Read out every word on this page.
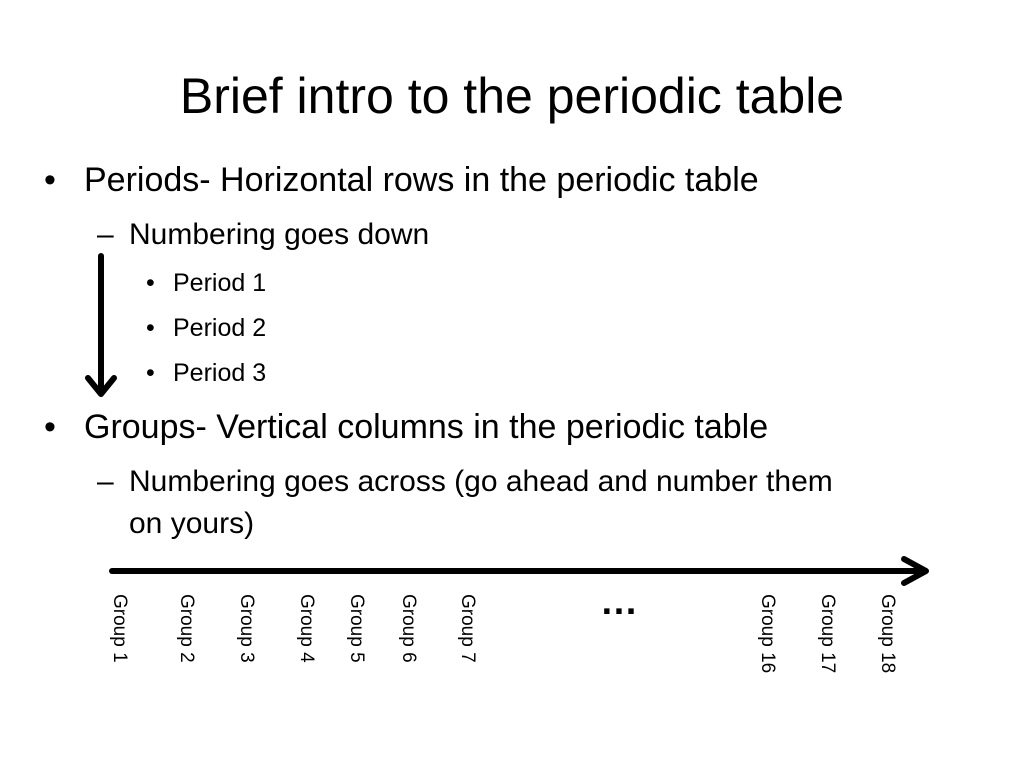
Brief intro to the periodic table
• Periods- Horizontal rows in the periodic table
– Numbering goes down
• Period 1
• Period 2
• Period 3
• Groups- Vertical columns in the periodic table
– Numbering goes across (go ahead and number them
on yours)
Group 1 Group 2 Group 3 Group 4 Group 5 Group 6 Group 7	…	Group 16 Group 17 Group 18
